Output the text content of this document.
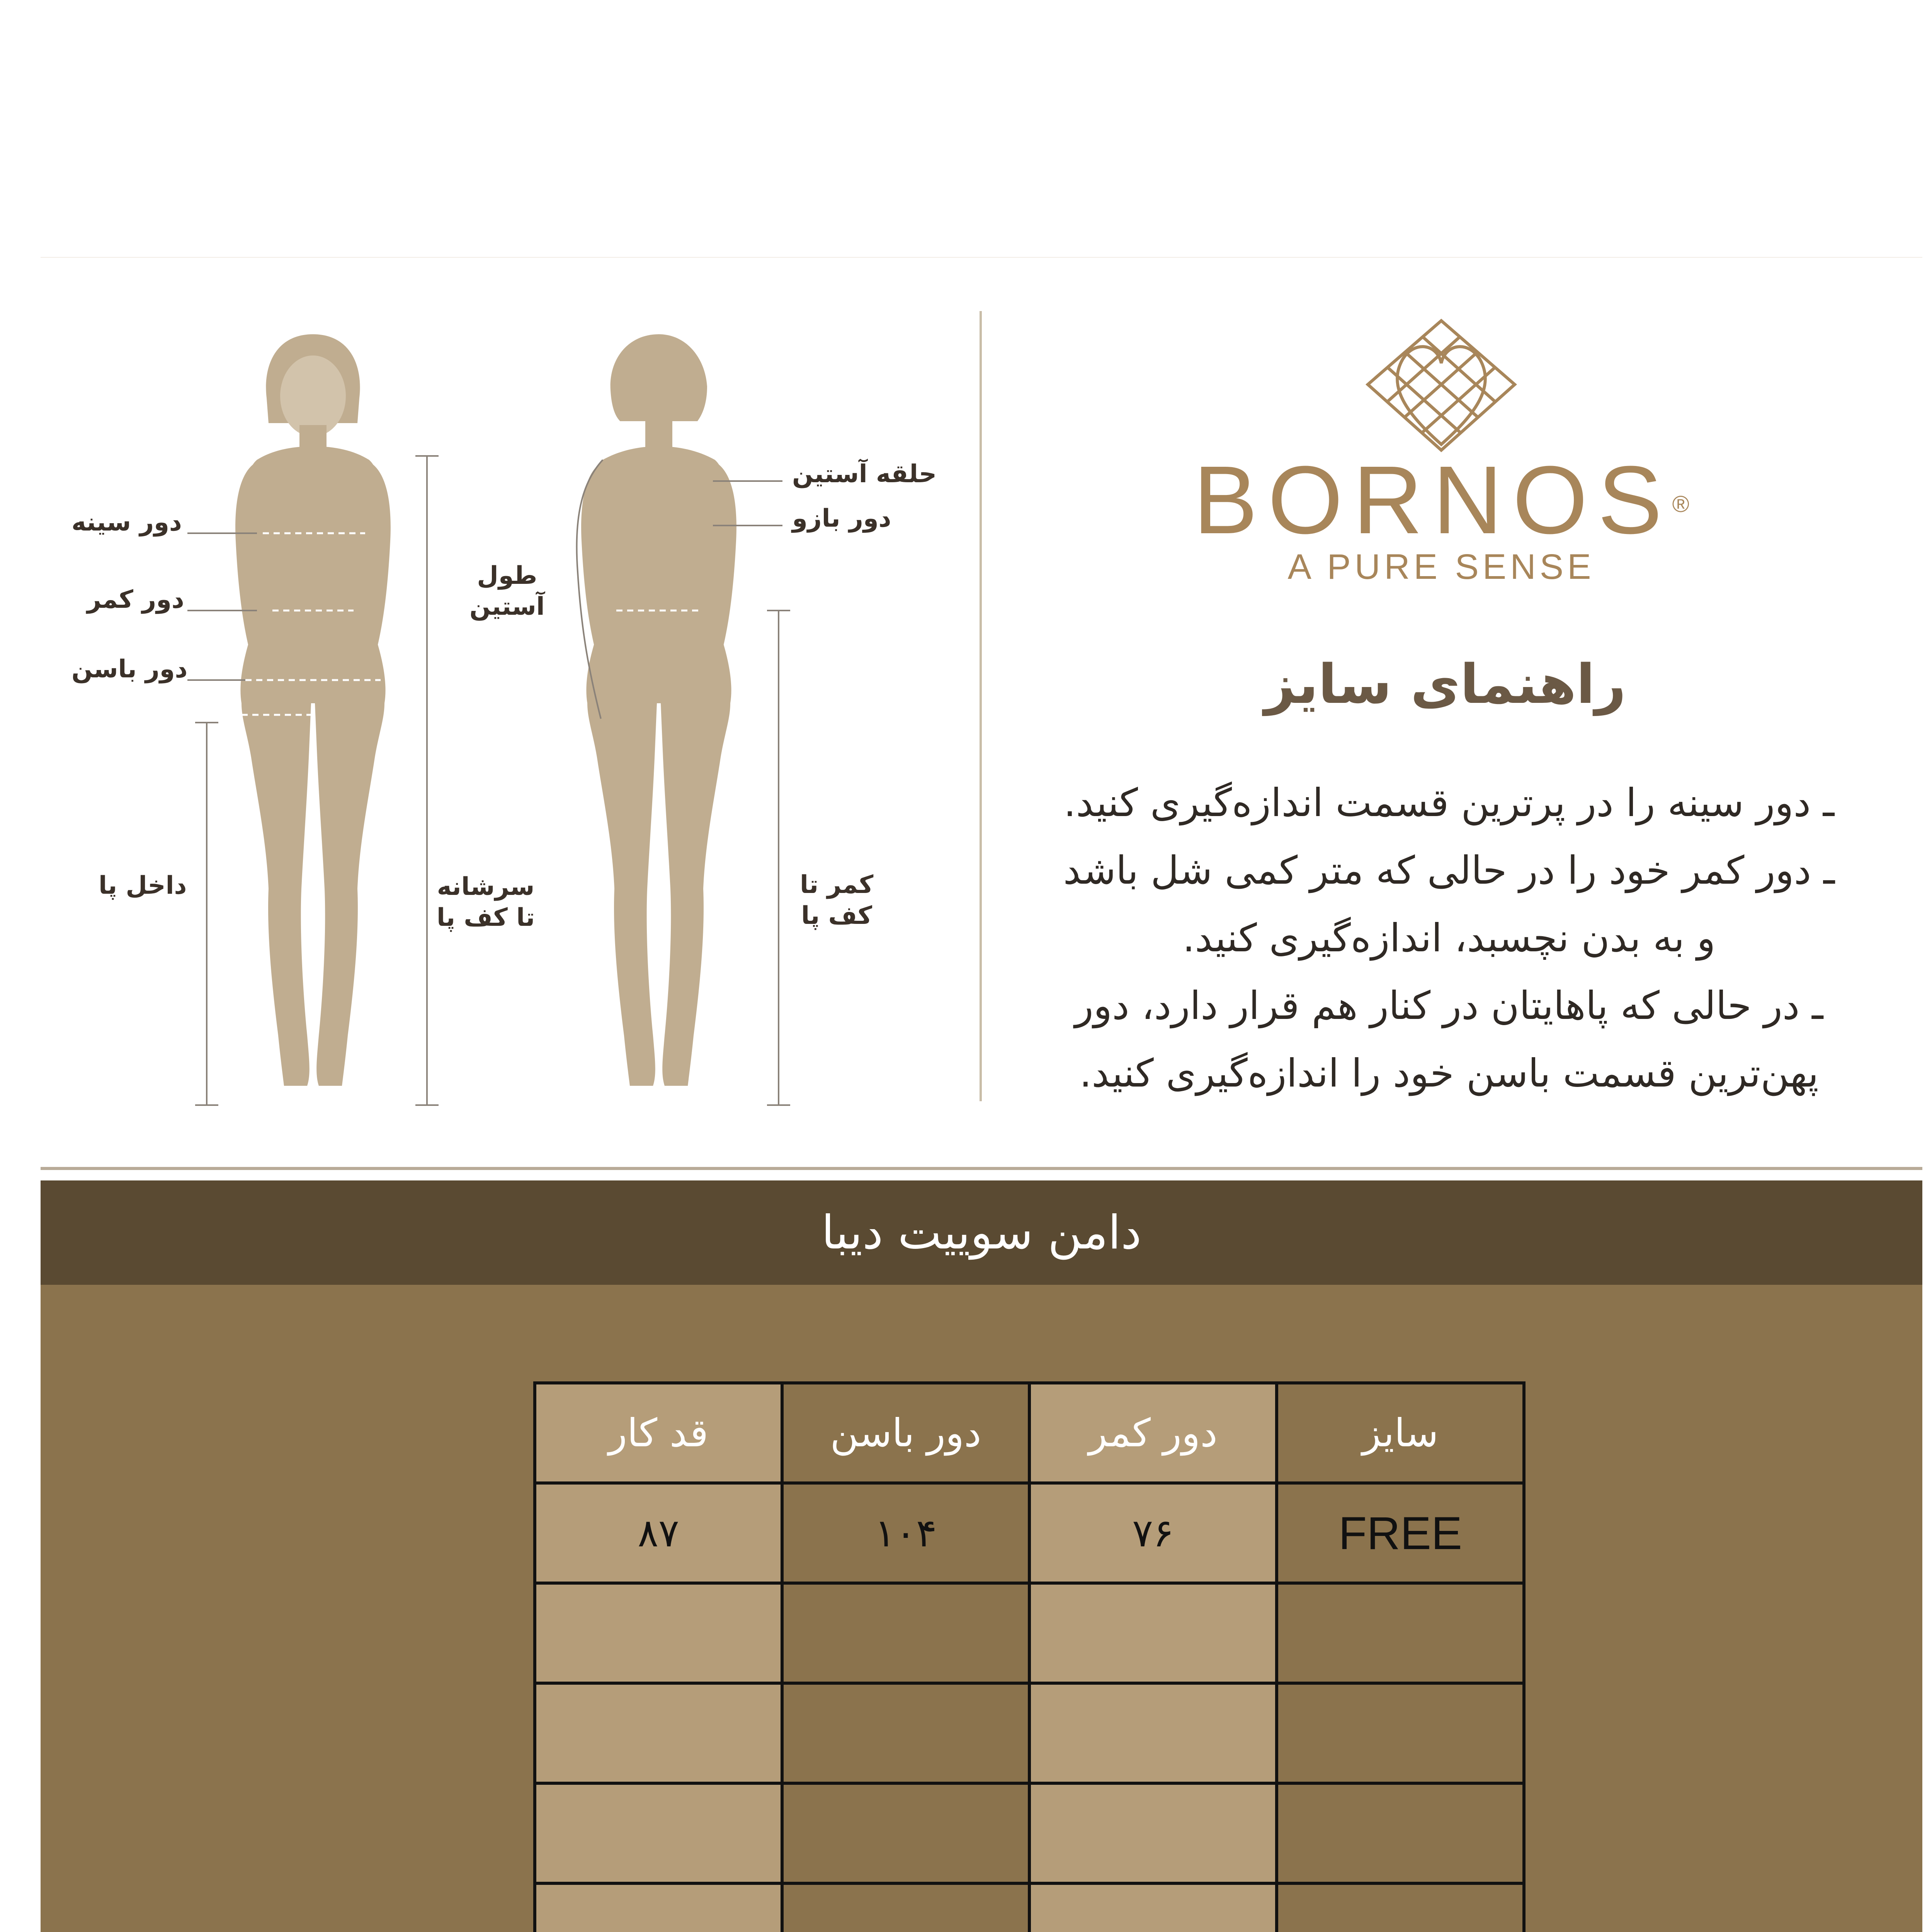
دور سینه
دور کمر
دور باسن
داخل پا	سرشانه
تا کف پا
حلقه آستین
دور بازو
طول
آستین
کمر تا
کف پا
BORNOS®
A PURE SENSE
راهنمای سایز

ـ دور سینه را در پرترین قسمت اندازه‌گیری کنید.

ـ دور کمر خود را در حالی که متر کمی شل باشد

و به بدن نچسبد، اندازه‌گیری کنید.

ـ در حالی که پاهایتان در کنار هم قرار دارد، دور

پهن‌ترین قسمت باسن خود را اندازه‌گیری کنید.

دامن سوییت دیبا
سایز	دور کمر	دور باسن	قد کار
FREE	۷۶	۱۰۴	۸۷
